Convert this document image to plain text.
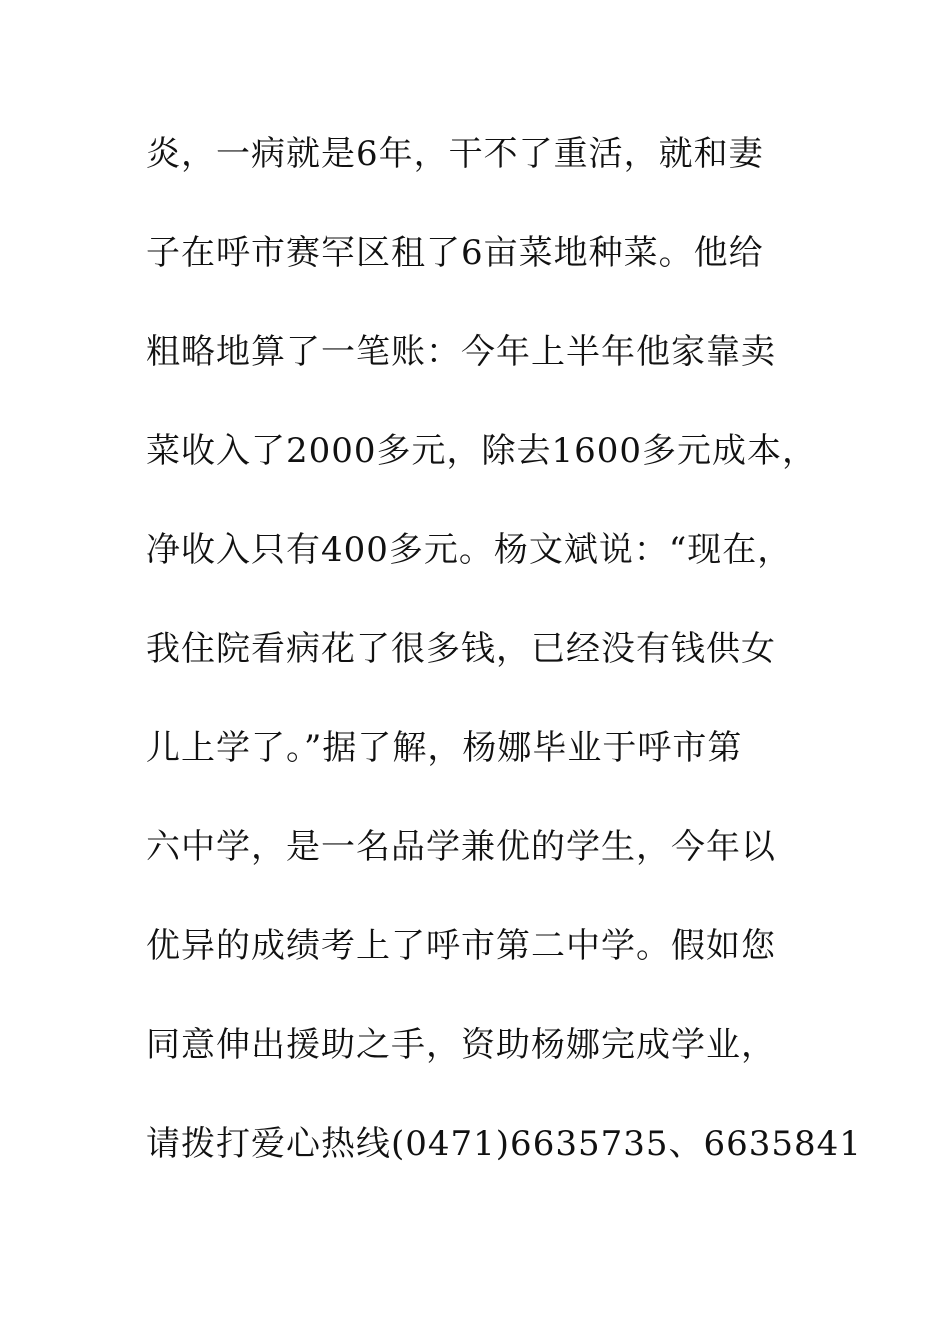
炎，一病就是6年，干不了重活，就和妻
子在呼市赛罕区租了6亩菜地种菜。他给
粗略地算了一笔账：今年上半年他家靠卖
菜收入了2000多元，除去1600多元成本，
净收入只有400多元。杨文斌说：“现在，
我住院看病花了很多钱，已经没有钱供女
儿上学了。”据了解，杨娜毕业于呼市第
六中学，是一名品学兼优的学生，今年以
优异的成绩考上了呼市第二中学。假如您
同意伸出援助之手，资助杨娜完成学业，
请拨打爱心热线(0471)6635735、6635841
